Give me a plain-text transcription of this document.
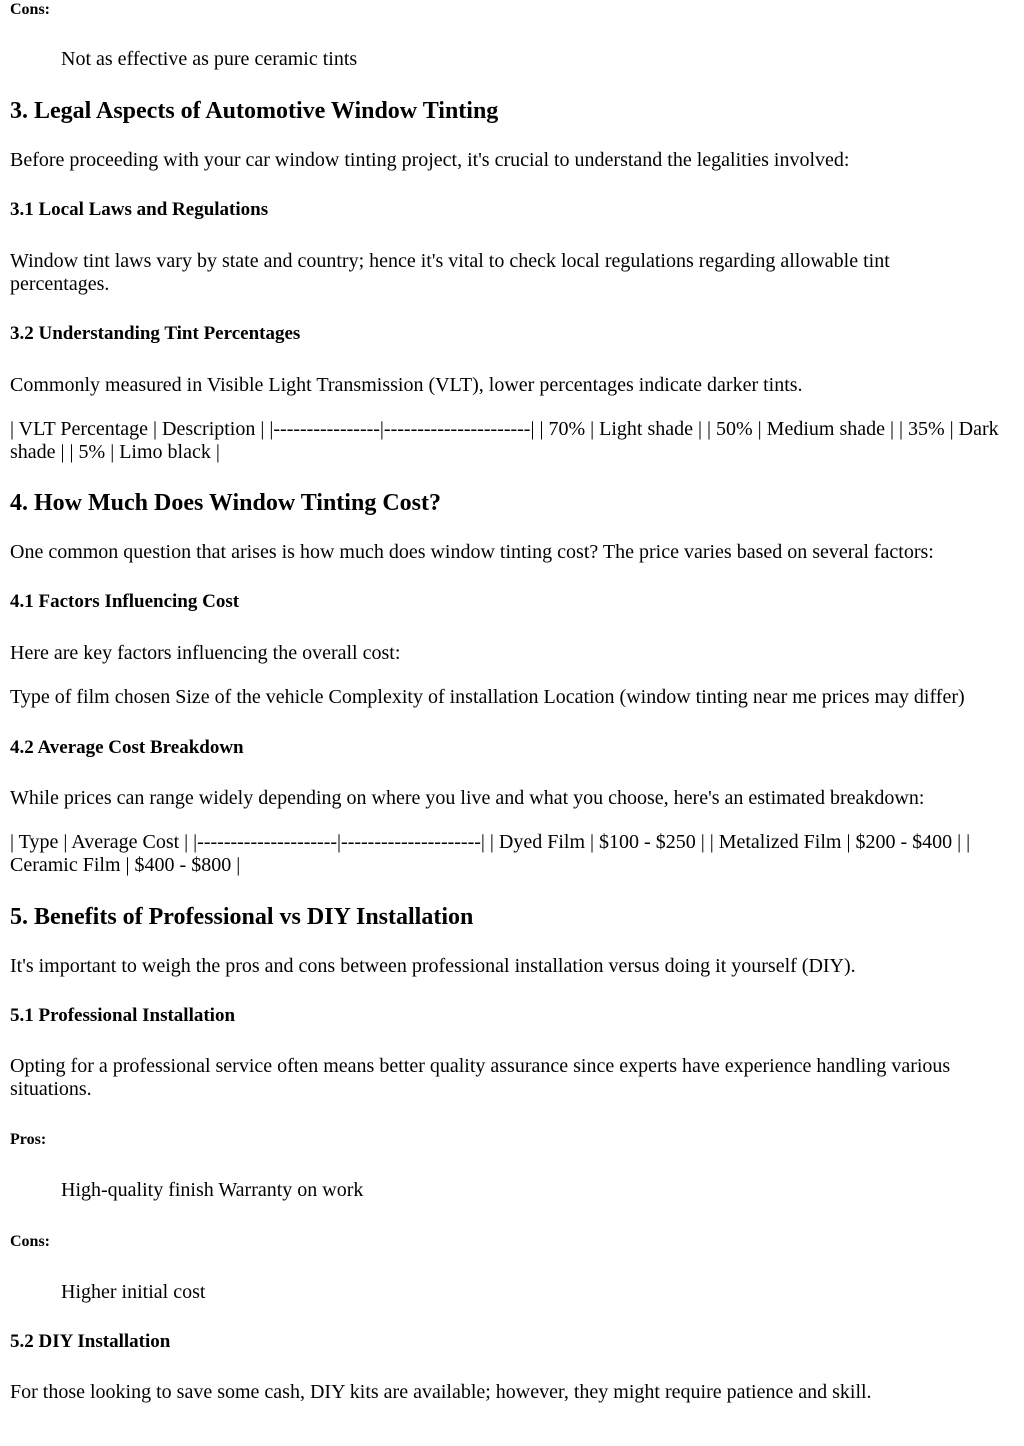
Cons:
Not as effective as pure ceramic tints
3. Legal Aspects of Automotive Window Tinting
Before proceeding with your car window tinting project, it's crucial to understand the legalities involved:
3.1 Local Laws and Regulations
Window tint laws vary by state and country; hence it's vital to check local regulations regarding allowable tint percentages.
3.2 Understanding Tint Percentages
Commonly measured in Visible Light Transmission (VLT), lower percentages indicate darker tints.
| VLT Percentage | Description | |----------------|----------------------| | 70% | Light shade | | 50% | Medium shade | | 35% | Dark shade | | 5% | Limo black |
4. How Much Does Window Tinting Cost?
One common question that arises is how much does window tinting cost? The price varies based on several factors:
4.1 Factors Influencing Cost
Here are key factors influencing the overall cost:
Type of film chosen Size of the vehicle Complexity of installation Location (window tinting near me prices may differ)
4.2 Average Cost Breakdown
While prices can range widely depending on where you live and what you choose, here's an estimated breakdown:
| Type | Average Cost | |---------------------|---------------------| | Dyed Film | $100 - $250 | | Metalized Film | $200 - $400 | | Ceramic Film | $400 - $800 |
5. Benefits of Professional vs DIY Installation
It's important to weigh the pros and cons between professional installation versus doing it yourself (DIY).
5.1 Professional Installation
Opting for a professional service often means better quality assurance since experts have experience handling various situations.
Pros:
High-quality finish Warranty on work
Cons:
Higher initial cost
5.2 DIY Installation
For those looking to save some cash, DIY kits are available; however, they might require patience and skill.
